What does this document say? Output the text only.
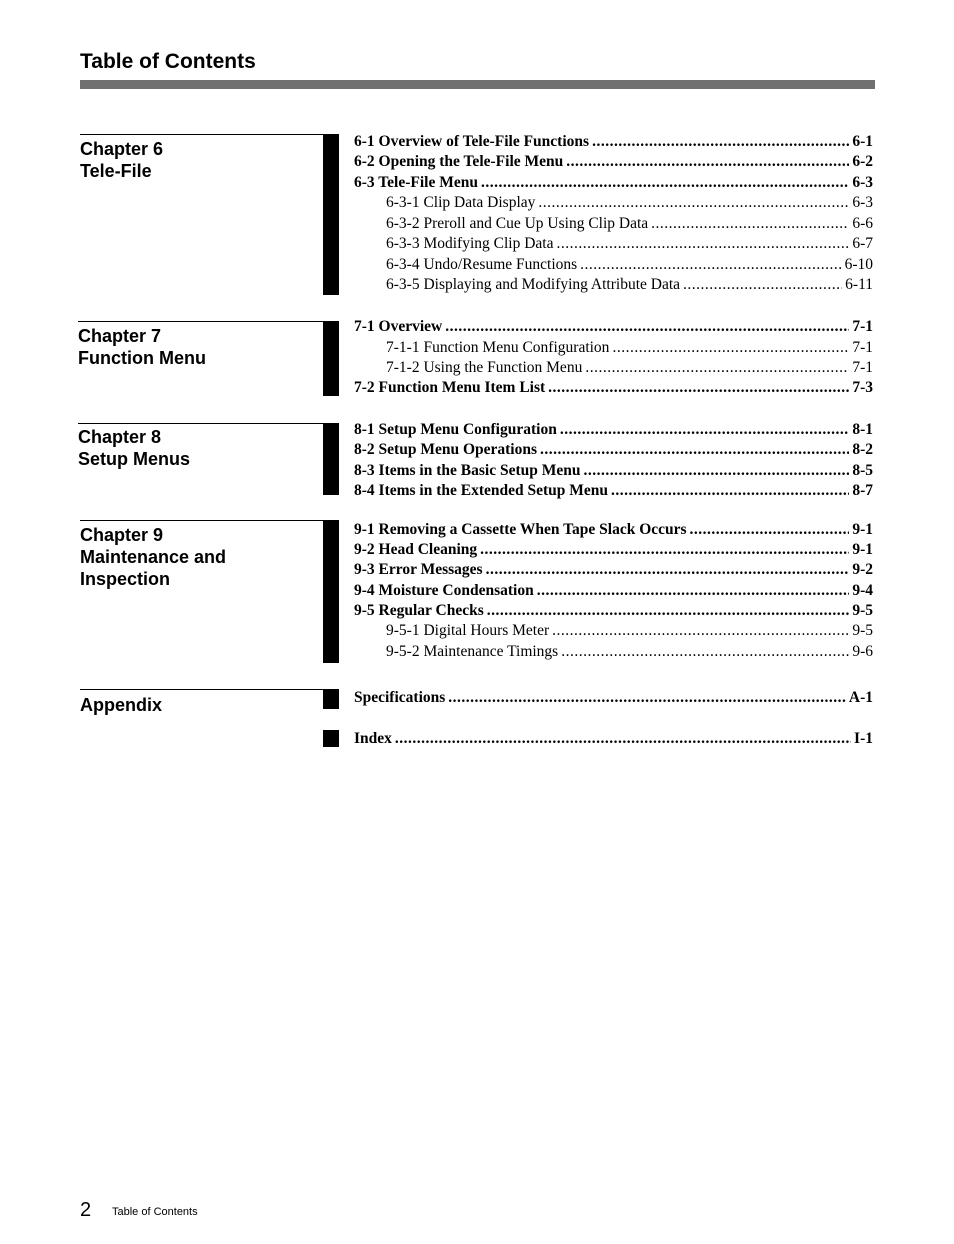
Table of Contents
Chapter 6
Tele-File
6-1 Overview of Tele-File Functions .....	6-1
6-2 Opening the Tele-File Menu .....	6-2
6-3 Tele-File Menu .....	6-3
6-3-1 Clip Data Display .....	6-3
6-3-2 Preroll and Cue Up Using Clip Data .....	6-6
6-3-3 Modifying Clip Data .....	6-7
6-3-4 Undo/Resume Functions .....	6-10
6-3-5 Displaying and Modifying Attribute Data .....	6-11
Chapter 7
Function Menu
7-1 Overview .....	7-1
7-1-1 Function Menu Configuration .....	7-1
7-1-2 Using the Function Menu .....	7-1
7-2 Function Menu Item List .....	7-3
Chapter 8
Setup Menus
8-1 Setup Menu Configuration .....	8-1
8-2 Setup Menu Operations .....	8-2
8-3 Items in the Basic Setup Menu .....	8-5
8-4 Items in the Extended Setup Menu .....	8-7
Chapter 9
Maintenance and
Inspection
9-1 Removing a Cassette When Tape Slack Occurs .....	9-1
9-2 Head Cleaning .....	9-1
9-3 Error Messages .....	9-2
9-4 Moisture Condensation .....	9-4
9-5 Regular Checks .....	9-5
9-5-1 Digital Hours Meter .....	9-5
9-5-2 Maintenance Timings .....	9-6
Appendix	Specifications .....	A-1
Index .....	I-1
2 Table of Contents
